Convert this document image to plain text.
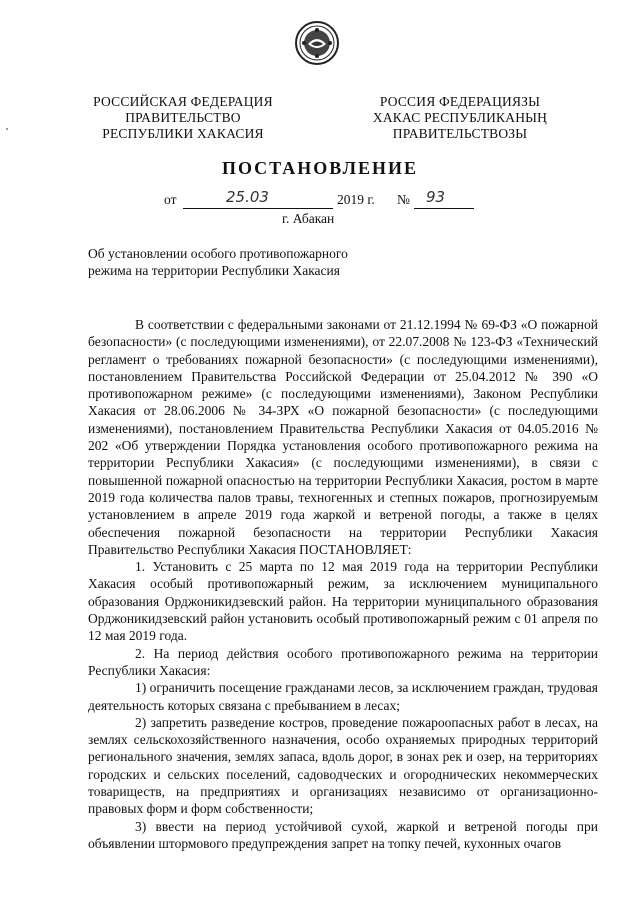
РОССИЙСКАЯ ФЕДЕРАЦИЯ
ПРАВИТЕЛЬСТВО
РЕСПУБЛИКИ ХАКАСИЯ
РОССИЯ ФЕДЕРАЦИЯЗЫ
ХАКАС РЕСПУБЛИКАНЫҢ
ПРАВИТЕЛЬСТВОЗЫ
ПОСТАНОВЛЕНИЕ
от	25.03	2019 г. № 93
г. Абакан
Об установлении особого противопожарного
режима на территории Республики Хакасия

В соответствии с федеральными законами от 21.12.1994 № 69-ФЗ «О пожарной безопасности» (с последующими изменениями), от 22.07.2008 № 123-ФЗ «Технический регламент о требованиях пожарной безопасности» (с последующими изменениями), постановлением Правительства Российской Федерации от 25.04.2012 № 390 «О противопожарном режиме» (с последующими изменениями), Законом Республики Хакасия от 28.06.2006 № 34-ЗРХ «О пожарной безопасности» (с последующими изменениями), постановлением Правительства Республики Хакасия от 04.05.2016 № 202 «Об утверждении Порядка установления особого противопожарного режима на территории Республики Хакасия» (с последующими изменениями), в связи с повышенной пожарной опасностью на территории Республики Хакасия, ростом в марте 2019 года количества палов травы, техногенных и степных пожаров, прогнозируемым установлением в апреле 2019 года жаркой и ветреной погоды, а также в целях обеспечения пожарной безопасности на территории Республики Хакасия Правительство Республики Хакасия ПОСТАНОВЛЯЕТ:

1. Установить с 25 марта по 12 мая 2019 года на территории Республики Хакасия особый противопожарный режим, за исключением муниципального образования Орджоникидзевский район. На территории муниципального образования Орджоникидзевский район установить особый противопожарный режим с 01 апреля по 12 мая 2019 года.

2. На период действия особого противопожарного режима на территории Республики Хакасия:

1) ограничить посещение гражданами лесов, за исключением граждан, трудовая деятельность которых связана с пребыванием в лесах;

2) запретить разведение костров, проведение пожароопасных работ в лесах, на землях сельскохозяйственного назначения, особо охраняемых природных территорий регионального значения, землях запаса, вдоль дорог, в зонах рек и озер, на территориях городских и сельских поселений, садоводческих и огороднических некоммерческих товариществ, на предприятиях и организациях независимо от организационно-правовых форм и форм собственности;

3) ввести на период устойчивой сухой, жаркой и ветреной погоды при объявлении штормового предупреждения запрет на топку печей, кухонных очагов
